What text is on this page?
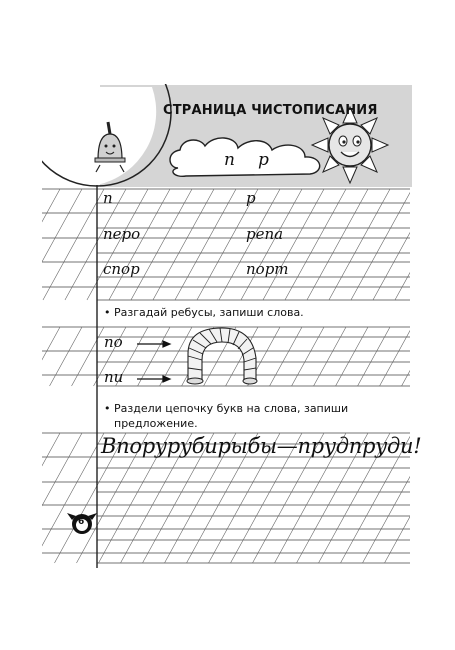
СТРАНИЦА ЧИСТОПИСАНИЯ
п р
п	р
перо	репа
спор	порт
• Разгадай ребусы, запиши слова.
по
пи
• Раздели цепочку букв на слова, запиши
предложение.
Впорурубирыбы—прудпруди!
6
